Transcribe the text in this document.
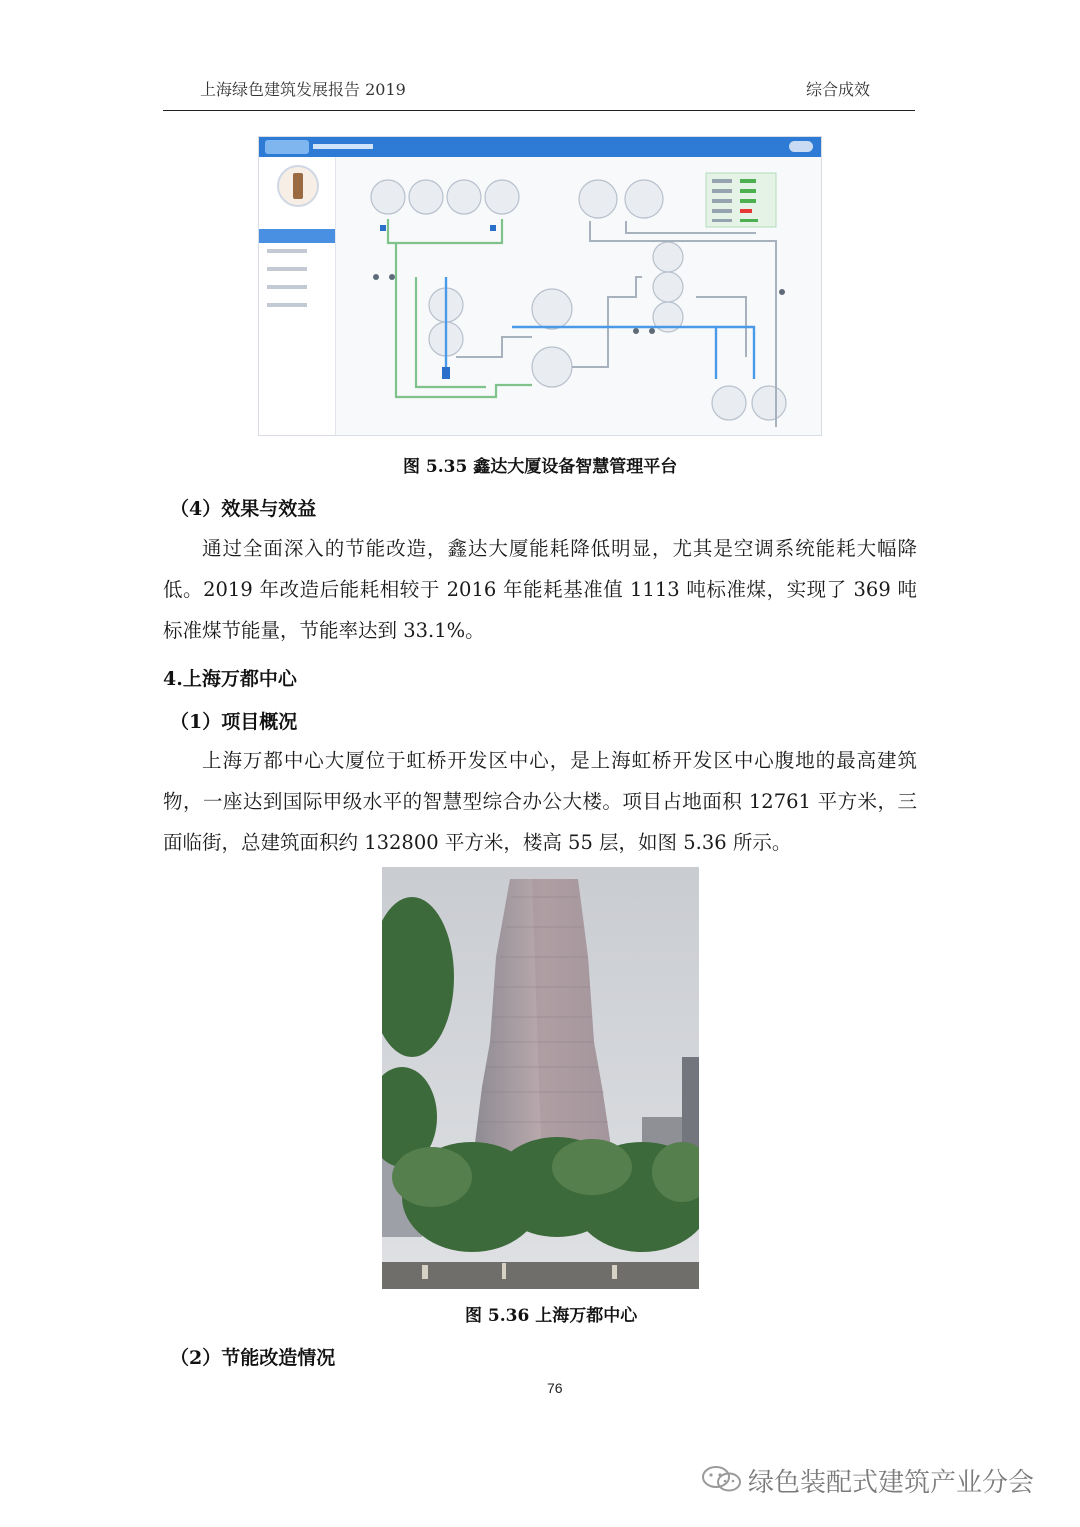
上海绿色建筑发展报告 2019	综合成效
图 5.35 鑫达大厦设备智慧管理平台
（4）效果与效益

通过全面深入的节能改造，鑫达大厦能耗降低明显，尤其是空调系统能耗大幅降低。2019 年改造后能耗相较于 2016 年能耗基准值 1113 吨标准煤，实现了 369 吨标准煤节能量，节能率达到 33.1%。

4.上海万都中心
（1）项目概况

上海万都中心大厦位于虹桥开发区中心，是上海虹桥开发区中心腹地的最高建筑物，一座达到国际甲级水平的智慧型综合办公大楼。项目占地面积 12761 平方米，三面临街，总建筑面积约 132800 平方米，楼高 55 层，如图 5.36 所示。

图 5.36 上海万都中心
（2）节能改造情况
76
绿色装配式建筑产业分会
